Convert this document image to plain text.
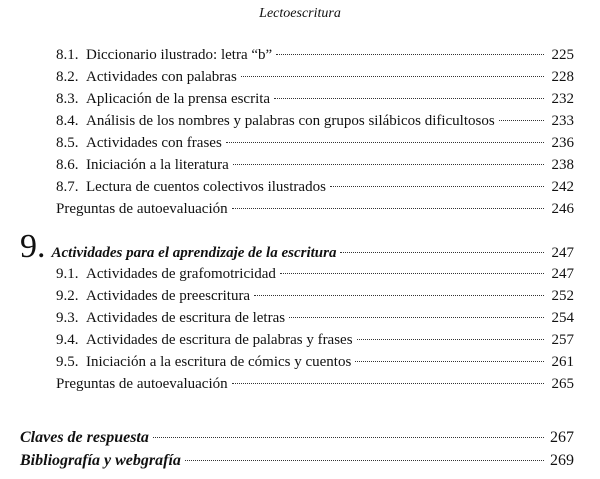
Lectoescritura
8.1. Diccionario ilustrado: letra “b”	225
8.2. Actividades con palabras	228
8.3. Aplicación de la prensa escrita	232
8.4. Análisis de los nombres y palabras con grupos silábicos dificultosos	233
8.5. Actividades con frases	236
8.6. Iniciación a la literatura	238
8.7. Lectura de cuentos colectivos ilustrados	242
Preguntas de autoevaluación	246
9. Actividades para el aprendizaje de la escritura	247
9.1. Actividades de grafomotricidad	247
9.2. Actividades de preescritura	252
9.3. Actividades de escritura de letras	254
9.4. Actividades de escritura de palabras y frases	257
9.5. Iniciación a la escritura de cómics y cuentos	261
Preguntas de autoevaluación	265
Claves de respuesta	267
Bibliografía y webgrafía	269
